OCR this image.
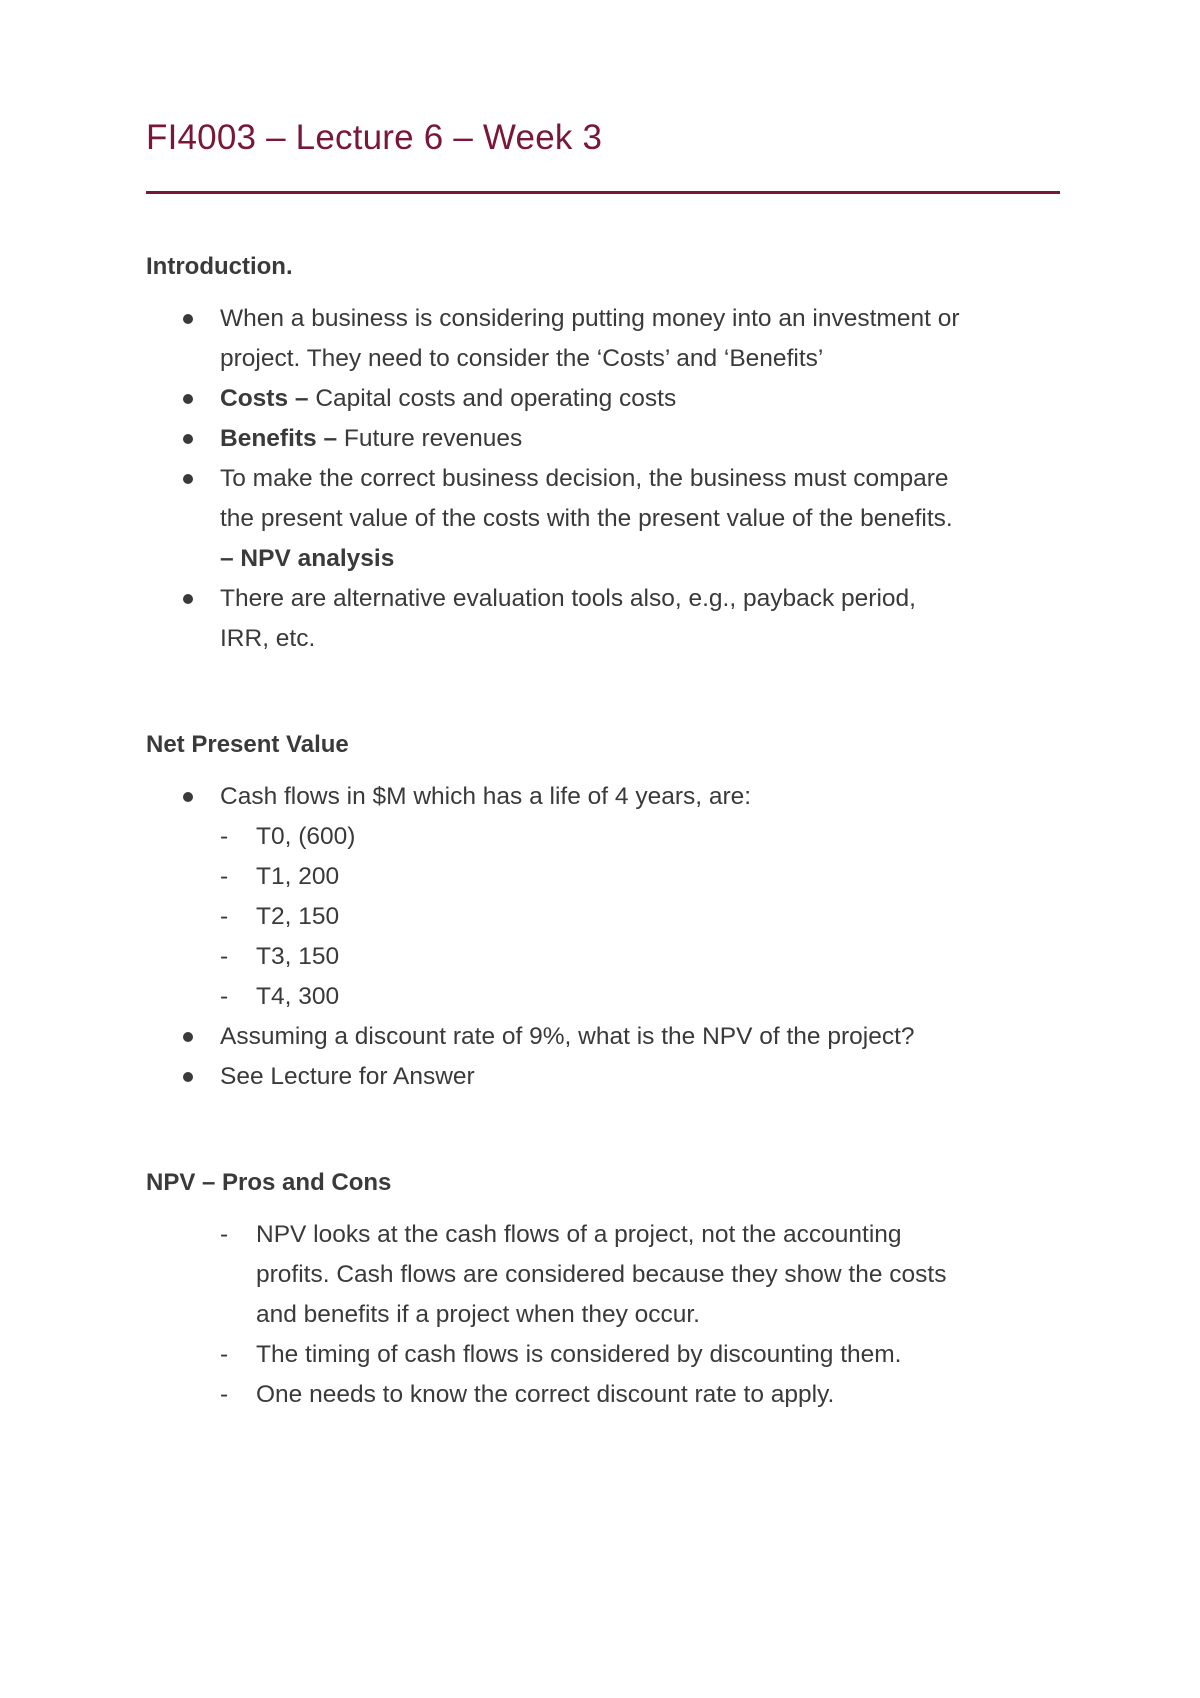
FI4003 – Lecture 6 – Week 3

Introduction.

When a business is considering putting money into an investment or project. They need to consider the ‘Costs’ and ‘Benefits’
Costs – Capital costs and operating costs
Benefits – Future revenues
To make the correct business decision, the business must compare the present value of the costs with the present value of the benefits. – NPV analysis
There are alternative evaluation tools also, e.g., payback period, IRR, etc.

Net Present Value

Cash flows in $M which has a life of 4 years, are:
- T0, (600)
- T1, 200
- T2, 150
- T3, 150
- T4, 300
Assuming a discount rate of 9%, what is the NPV of the project?
See Lecture for Answer

NPV – Pros and Cons

- NPV looks at the cash flows of a project, not the accounting profits. Cash flows are considered because they show the costs and benefits if a project when they occur.
- The timing of cash flows is considered by discounting them.
- One needs to know the correct discount rate to apply.
